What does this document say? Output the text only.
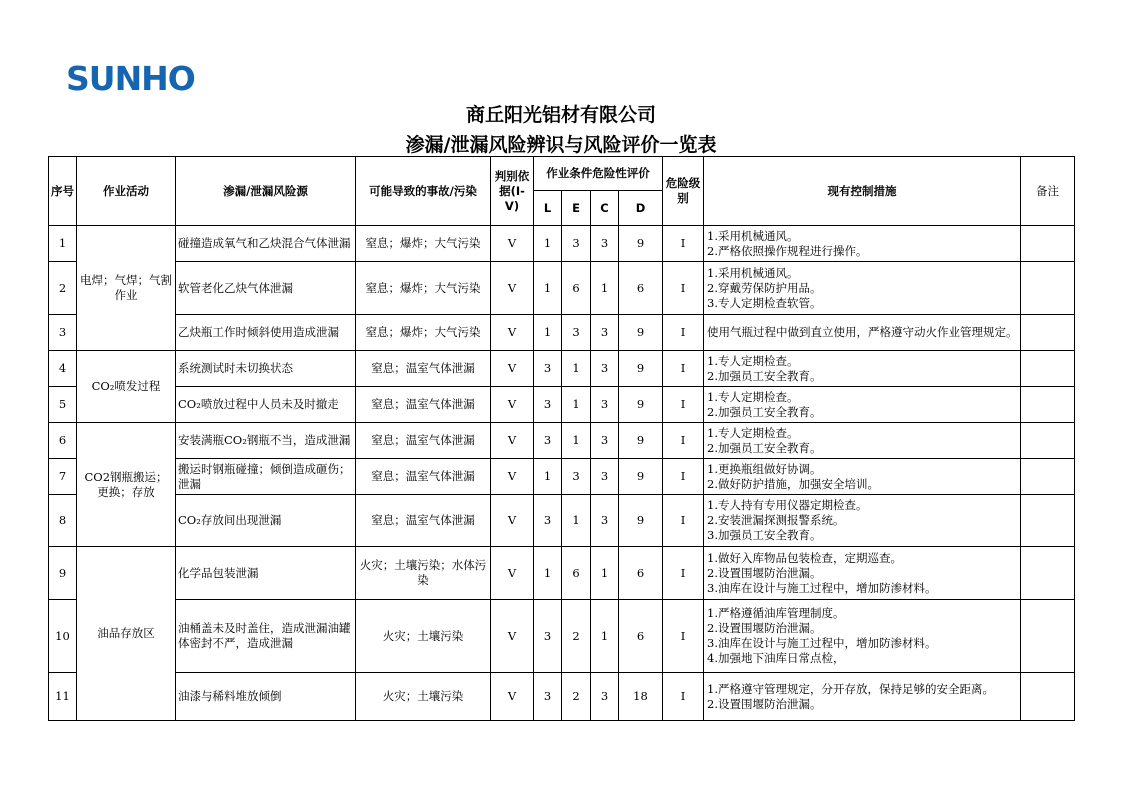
SUNHO
商丘阳光铝材有限公司
渗漏/泄漏风险辨识与风险评价一览表
序号	作业活动	渗漏/泄漏风险源	可能导致的事故/污染	判别依据(I-V)	作业条件危险性评价				危险级别	现有控制措施	备注
					L	E	C	D			
1	电焊；气焊；气割作业	碰撞造成氧气和乙炔混合气体泄漏	窒息；爆炸；大气污染	Ⅴ	1	3	3	9	Ⅰ	1.采用机械通风。
2.严格依照操作规程进行操作。	

2		软管老化乙炔气体泄漏	窒息；爆炸；大气污染	Ⅴ	1	6	1	6	Ⅰ	1.采用机械通风。
2.穿戴劳保防护用品。
3.专人定期检查软管。	

3		乙炔瓶工作时倾斜使用造成泄漏	窒息；爆炸；大气污染	Ⅴ	1	3	3	9	Ⅰ	使用气瓶过程中做到直立使用，严格遵守动火作业管理规定。	

4	CO₂喷发过程	系统测试时未切换状态	窒息；温室气体泄漏	Ⅴ	3	1	3	9	Ⅰ	1.专人定期检查。
2.加强员工安全教育。	

5		CO₂喷放过程中人员未及时撤走	窒息；温室气体泄漏	Ⅴ	3	1	3	9	Ⅰ	1.专人定期检查。
2.加强员工安全教育。	

6	CO2钢瓶搬运；更换；存放	安装满瓶CO₂钢瓶不当，造成泄漏	窒息；温室气体泄漏	Ⅴ	3	1	3	9	Ⅰ	1.专人定期检查。
2.加强员工安全教育。	

7		搬运时钢瓶碰撞；倾倒造成砸伤；泄漏	窒息；温室气体泄漏	Ⅴ	1	3	3	9	Ⅰ	1.更换瓶组做好协调。
2.做好防护措施，加强安全培训。	

8		CO₂存放间出现泄漏	窒息；温室气体泄漏	Ⅴ	3	1	3	9	Ⅰ	1.专人持有专用仪器定期检查。
2.安装泄漏探测报警系统。
3.加强员工安全教育。	

9	油品存放区	化学品包装泄漏	火灾；土壤污染；水体污染	Ⅴ	1	6	1	6	Ⅰ	1.做好入库物品包装检查，定期巡查。
2.设置围堰防治泄漏。
3.油库在设计与施工过程中，增加防渗材料。	

10		油桶盖未及时盖住，造成泄漏油罐体密封不严，造成泄漏	火灾；土壤污染	Ⅴ	3	2	1	6	Ⅰ	1.严格遵循油库管理制度。
2.设置围堰防治泄漏。
3.油库在设计与施工过程中，增加防渗材料。
4.加强地下油库日常点检，	

11		油漆与稀料堆放倾倒	火灾；土壤污染	Ⅴ	3	2	3	18	Ⅰ	1.严格遵守管理规定，分开存放，保持足够的安全距离。
2.设置围堰防治泄漏。	
